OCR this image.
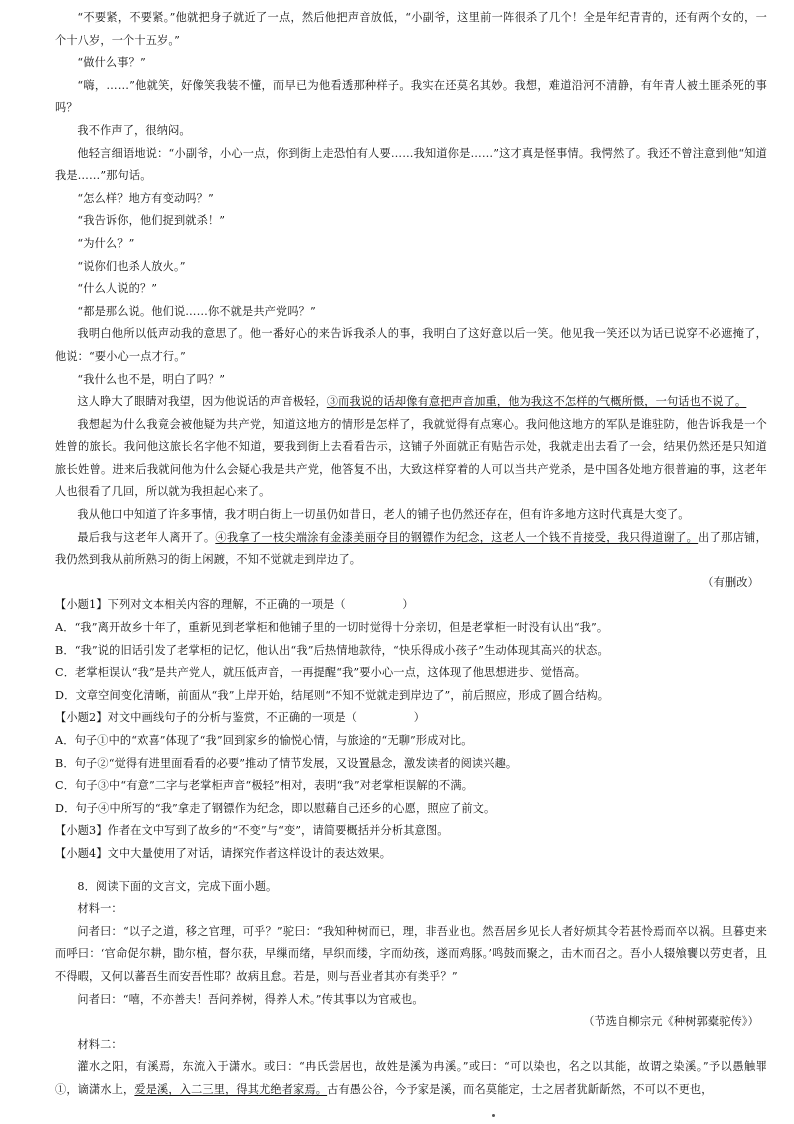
“不要紧，不要紧。”他就把身子就近了一点，然后他把声音放低，“小副爷，这里前一阵很杀了几个！全是年纪青青的，还有两个女的，一个十八岁，一个十五岁。”

“做什么事？”

“嗨，……”他就笑，好像笑我装不懂，而早已为他看透那种样子。我实在还莫名其妙。我想，难道沿河不清静，有年青人被土匪杀死的事吗？

我不作声了，很纳闷。

他轻言细语地说：“小副爷，小心一点，你到街上走恐怕有人要……我知道你是……”这才真是怪事情。我愕然了。我还不曾注意到他“知道我是……”那句话。

“怎么样？地方有变动吗？”

“我告诉你，他们捉到就杀！”

“为什么？”

“说你们也杀人放火。”

“什么人说的？”

“都是那么说。他们说……你不就是共产党吗？”

我明白他所以低声动我的意思了。他一番好心的来告诉我杀人的事，我明白了这好意以后一笑。他见我一笑还以为话已说穿不必遮掩了，他说：“要小心一点才行。”

“我什么也不是，明白了吗？”

这人睁大了眼睛对我望，因为他说话的声音极轻，③而我说的话却像有意把声音加重，他为我这不怎样的气概所慑，一句话也不说了。

我想起为什么我竟会被他疑为共产党，知道这地方的情形是怎样了，我就觉得有点寒心。我问他这地方的军队是谁驻防，他告诉我是一个姓曾的旅长。我问他这旅长名字他不知道，要我到街上去看看告示，这铺子外面就正有贴告示处，我就走出去看了一会，结果仍然还是只知道旅长姓曾。进来后我就问他为什么会疑心我是共产党，他答复不出，大致这样穿着的人可以当共产党杀，是中国各处地方很普遍的事，这老年人也很看了几回，所以就为我担起心来了。

我从他口中知道了许多事情，我才明白街上一切虽仍如昔日，老人的铺子也仍然还存在，但有许多地方这时代真是大变了。

最后我与这老年人离开了。④我拿了一枝尖端涂有金漆美丽夺目的钢镖作为纪念，这老人一个钱不肯接受，我只得道谢了。出了那店铺，我仍然到我从前所熟习的街上闲踱，不知不觉就走到岸边了。

（有删改）

【小题1】下列对文本相关内容的理解，不正确的一项是（　　　　　）

A．“我”离开故乡十年了，重新见到老掌柜和他铺子里的一切时觉得十分亲切，但是老掌柜一时没有认出“我”。

B．“我”说的旧话引发了老掌柜的记忆，他认出“我”后热情地款待，“快乐得成小孩子”生动体现其高兴的状态。

C．老掌柜误认“我”是共产党人，就压低声音，一再提醒“我”要小心一点，这体现了他思想进步、觉悟高。

D．文章空间变化清晰，前面从“我”上岸开始，结尾则“不知不觉就走到岸边了”，前后照应，形成了圆合结构。

【小题2】对文中画线句子的分析与鉴赏，不正确的一项是（　　　　　）

A．句子①中的“欢喜”体现了“我”回到家乡的愉悦心情，与旅途的“无聊”形成对比。

B．句子②“觉得有进里面看看的必要”推动了情节发展，又设置悬念，激发读者的阅读兴趣。

C．句子③中“有意”二字与老掌柜声音“极轻”相对，表明“我”对老掌柜误解的不满。

D．句子④中所写的“我”拿走了钢镖作为纪念，即以慰藉自己还乡的心愿，照应了前文。

【小题3】作者在文中写到了故乡的“不变”与“变”，请简要概括并分析其意图。

【小题4】文中大量使用了对话，请探究作者这样设计的表达效果。

8．阅读下面的文言文，完成下面小题。

材料一：

问者曰：“以子之道，移之官理，可乎？”驼曰：“我知种树而已，理，非吾业也。然吾居乡见长人者好烦其令若甚怜焉而卒以祸。旦暮吏来而呼曰：‘官命促尔耕，勖尔植，督尔获，早缫而绪，早织而缕，字而幼孩，遂而鸡豚。’鸣鼓而聚之，击木而召之。吾小人辍飧饔以劳吏者，且不得暇，又何以蕃吾生而安吾性耶？故病且怠。若是，则与吾业者其亦有类乎？”

问者曰：“嘻，不亦善夫！吾问养树，得养人术。”传其事以为官戒也。

（节选自柳宗元《种树郭橐驼传》）

材料二：

灌水之阳，有溪焉，东流入于潇水。或曰：“冉氏尝居也，故姓是溪为冉溪。”或曰：“可以染也，名之以其能，故谓之染溪。”予以愚触罪①，谪潇水上，爱是溪，入二三里，得其尤绝者家焉。古有愚公谷，今予家是溪，而名莫能定，士之居者犹龂龂然，不可以不更也，
